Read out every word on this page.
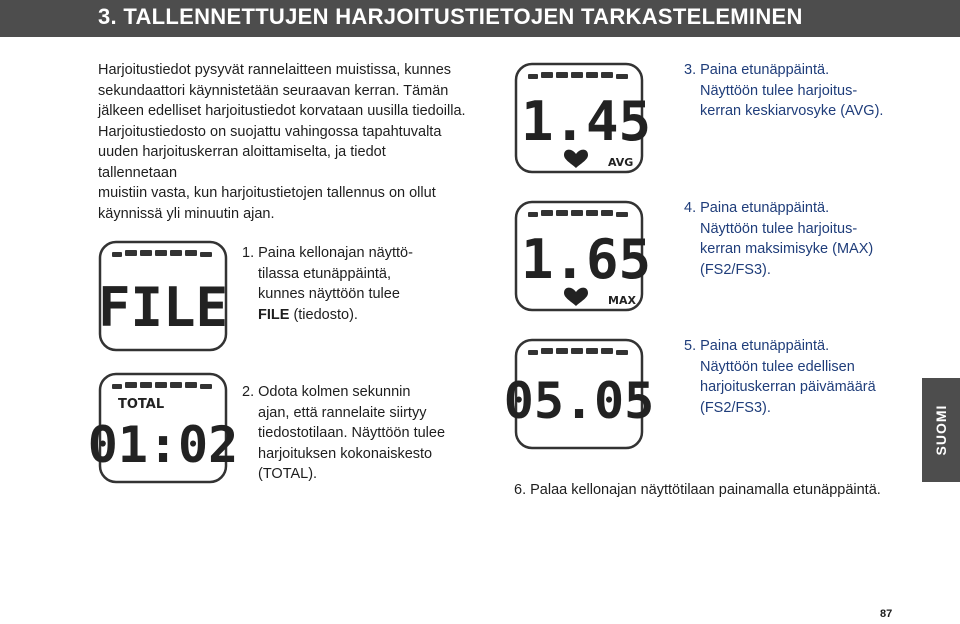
3. TALLENNETTUJEN HARJOITUSTIETOJEN TARKASTELEMINEN

Harjoitustiedot pysyvät rannelaitteen muistissa, kunnes

sekundaattori käynnistetään seuraavan kerran. Tämän

jälkeen edelliset harjoitustiedot korvataan uusilla tiedoilla.

Harjoitustiedosto on suojattu vahingossa tapahtuvalta

uuden harjoituskerran aloittamiselta, ja tiedot tallennetaan

muistiin vasta, kun harjoitustietojen tallennus on ollut

käynnissä yli minuutin ajan.

FILE
TOTAL
01:02
1.45
AVG
1.65
MAX
05.05

1. Paina kellonajan näyttö-

tilassa etunäppäintä,

kunnes näyttöön tulee

FILE (tiedosto).

2. Odota kolmen sekunnin

ajan, että rannelaite siirtyy

tiedostotilaan. Näyttöön tulee

harjoituksen kokonaiskesto

(TOTAL).

3. Paina etunäppäintä.

Näyttöön tulee harjoitus-

kerran keskiarvosyke (AVG).

4. Paina etunäppäintä.

Näyttöön tulee harjoitus-

kerran maksimisyke (MAX)

(FS2/FS3).

5. Paina etunäppäintä.

Näyttöön tulee edellisen

harjoituskerran päivämäärä

(FS2/FS3).

6. Palaa kellonajan näyttötilaan painamalla etunäppäintä.

SUOMI
87
